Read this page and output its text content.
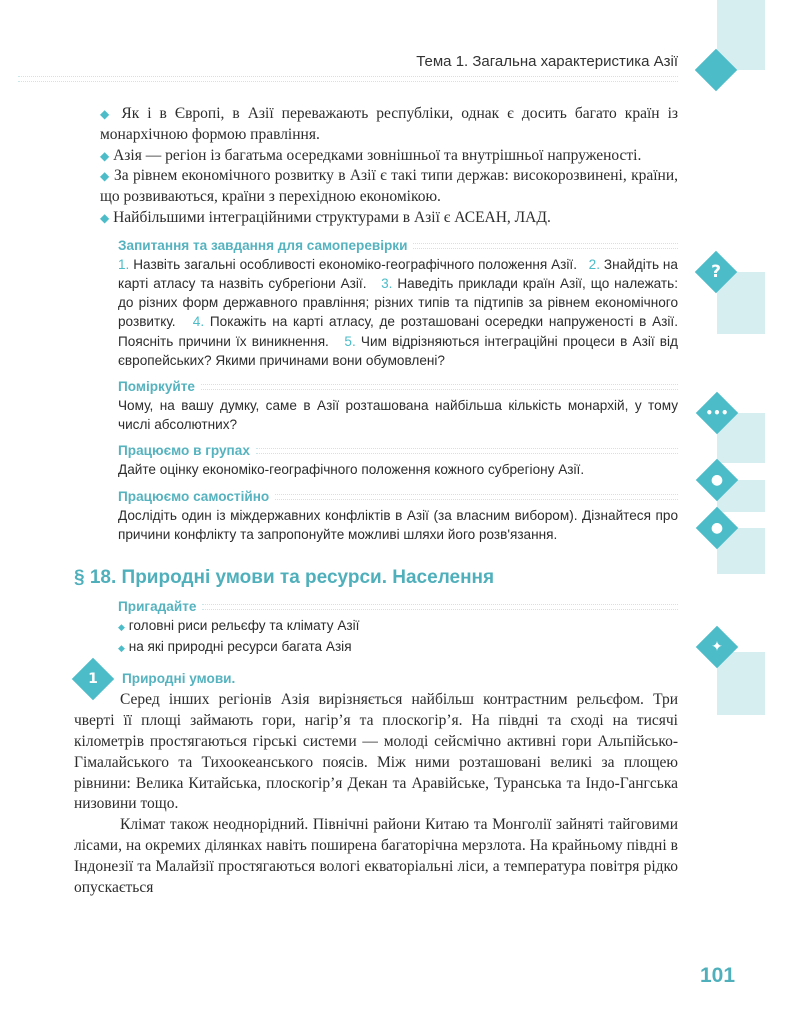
?
•••
●
●
✦
Тема 1. Загальна характеристика Азії

◆ Як і в Європі, в Азії переважають республіки, однак є досить багато країн із монархічною формою правління.

◆ Азія — регіон із багатьма осередками зовнішньої та внутрішньої напруженості.

◆ За рівнем економічного розвитку в Азії є такі типи держав: високорозвинені, країни, що розвиваються, країни з перехідною економікою.

◆ Найбільшими інтеграційними структурами в Азії є АСЕАН, ЛАД.

Запитання та завдання для самоперевірки

1. Назвіть загальні особливості економіко-географічного положення Азії. 2. Знайдіть на карті атласу та назвіть субрегіони Азії. 3. Наведіть приклади країн Азії, що належать: до різних форм державного правління; різних типів та підтипів за рівнем економічного розвитку. 4. Покажіть на карті атласу, де розташовані осередки напруженості в Азії. Поясніть причини їх виникнення. 5. Чим відрізняються інтеграційні процеси в Азії від європейських? Якими причинами вони обумовлені?

Поміркуйте

Чому, на вашу думку, саме в Азії розташована найбільша кількість монархій, у тому числі абсолютних?

Працюємо в групах

Дайте оцінку економіко-географічного положення кожного субрегіону Азії.

Працюємо самостійно

Дослідіть один із міждержавних конфліктів в Азії (за власним вибором). Дізнайтеся про причини конфлікту та запропонуйте можливі шляхи його розв'язання.

§ 18. Природні умови та ресурси. Населення
Пригадайте

◆ головні риси рельєфу та клімату Азії

◆ на які природні ресурси багата Азія

1	Природні умови.

Серед інших регіонів Азія вирізняється найбільш контрастним рельєфом. Три чверті її площі займають гори, нагір’я та плоскогір’я. На півдні та сході на тисячі кілометрів простягаються гірські системи — молоді сейсмічно активні гори Альпійсько-Гімалайського та Тихоокеанського поясів. Між ними розташовані великі за площею рівнини: Велика Китайська, плоскогір’я Декан та Аравійське, Туранська та Індо-Гангська низовини тощо.

Клімат також неоднорідний. Північні райони Китаю та Монголії зайняті тайговими лісами, на окремих ділянках навіть поширена багаторічна мерзлота. На крайньому півдні в Індонезії та Малайзії простягаються вологі екваторіальні ліси, а температура повітря рідко опускається

101
